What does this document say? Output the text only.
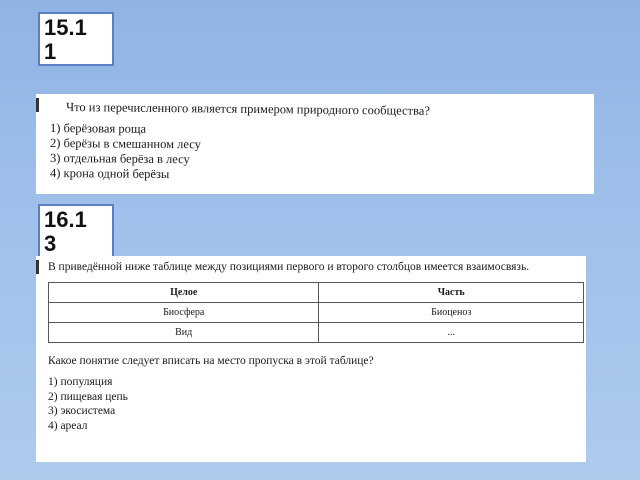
15.1
1
Что из перечисленного является примером природного сообщества?
1) берёзовая роща
2) берёзы в смешанном лесу
3) отдельная берёза в лесу
4) крона одной берёзы
16.1
3
В приведённой ниже таблице между позициями первого и второго столбцов имеется взаимосвязь.
Целое	Часть
Биосфера	Биоценоз
Вид	...
Какое понятие следует вписать на место пропуска в этой таблице?
1) популяция
2) пищевая цепь
3) экосистема
4) ареал
